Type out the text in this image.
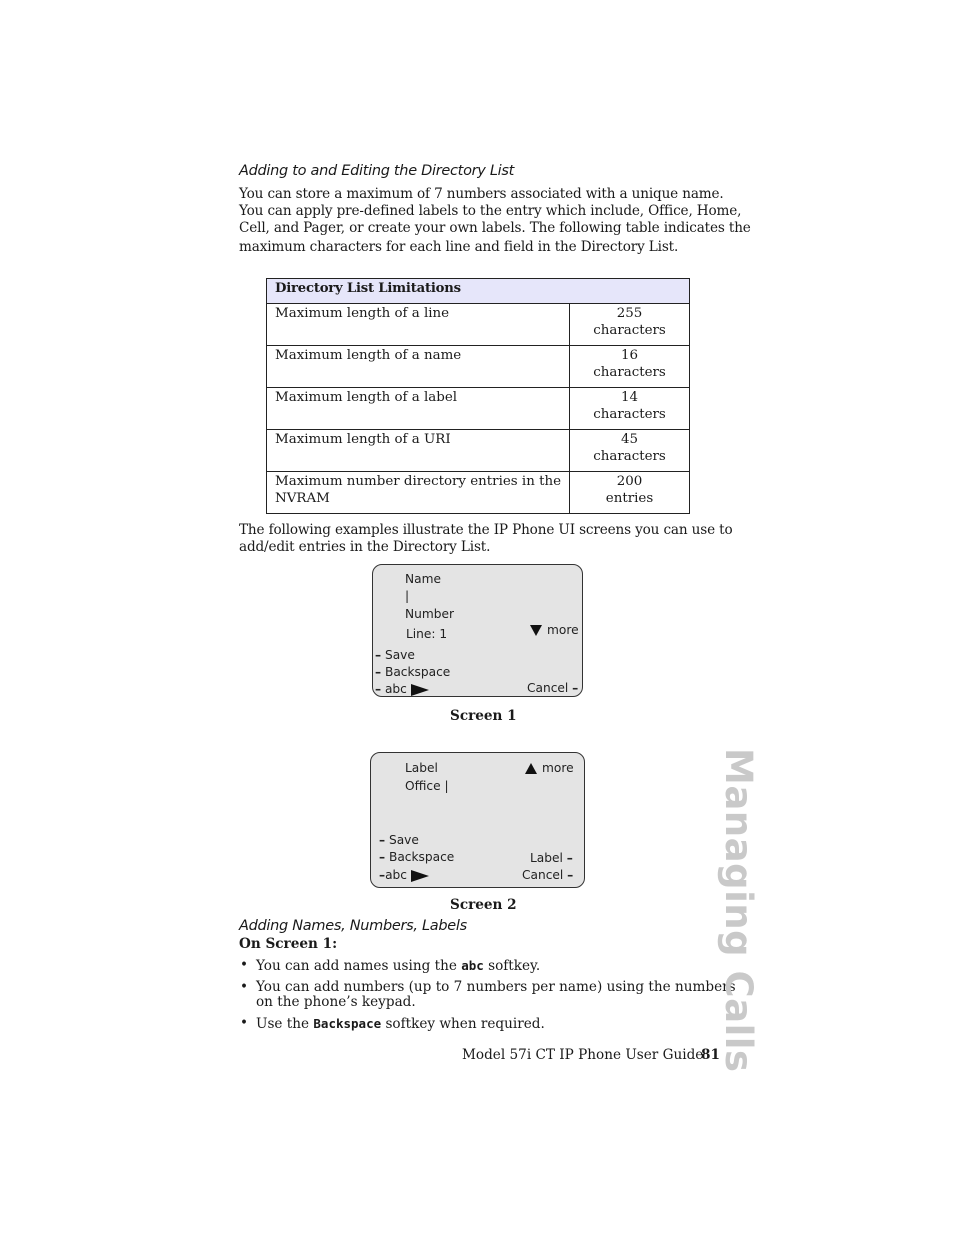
Adding to and Editing the Directory List
You can store a maximum of 7 numbers associated with a unique name.
You can apply pre-defined labels to the entry which include, Office, Home,
Cell, and Pager, or create your own labels. The following table indicates the
maximum characters for each line and field in the Directory List.
Directory List Limitations	

Maximum length of a line	255
characters

Maximum length of a name	16
characters

Maximum length of a label	14
characters

Maximum length of a URI	45
characters

Maximum number directory entries in the
NVRAM	200
entries
The following examples illustrate the IP Phone UI screens you can use to
add/edit entries in the Directory List.
Name
|
Number
Line: 1	more
– Save
– Backspace
– abc	Cancel –
Screen 1
Label
Office |
more
– Save
– Backspace
–abc
Label –
Cancel –
Screen 2
Adding Names, Numbers, Labels
On Screen 1:
• You can add names using the abc softkey.
• You can add numbers (up to 7 numbers per name) using the numbers
on the phone’s keypad.
• Use the Backspace softkey when required.	Managing Calls
Model 57i CT IP Phone User Guide
81
